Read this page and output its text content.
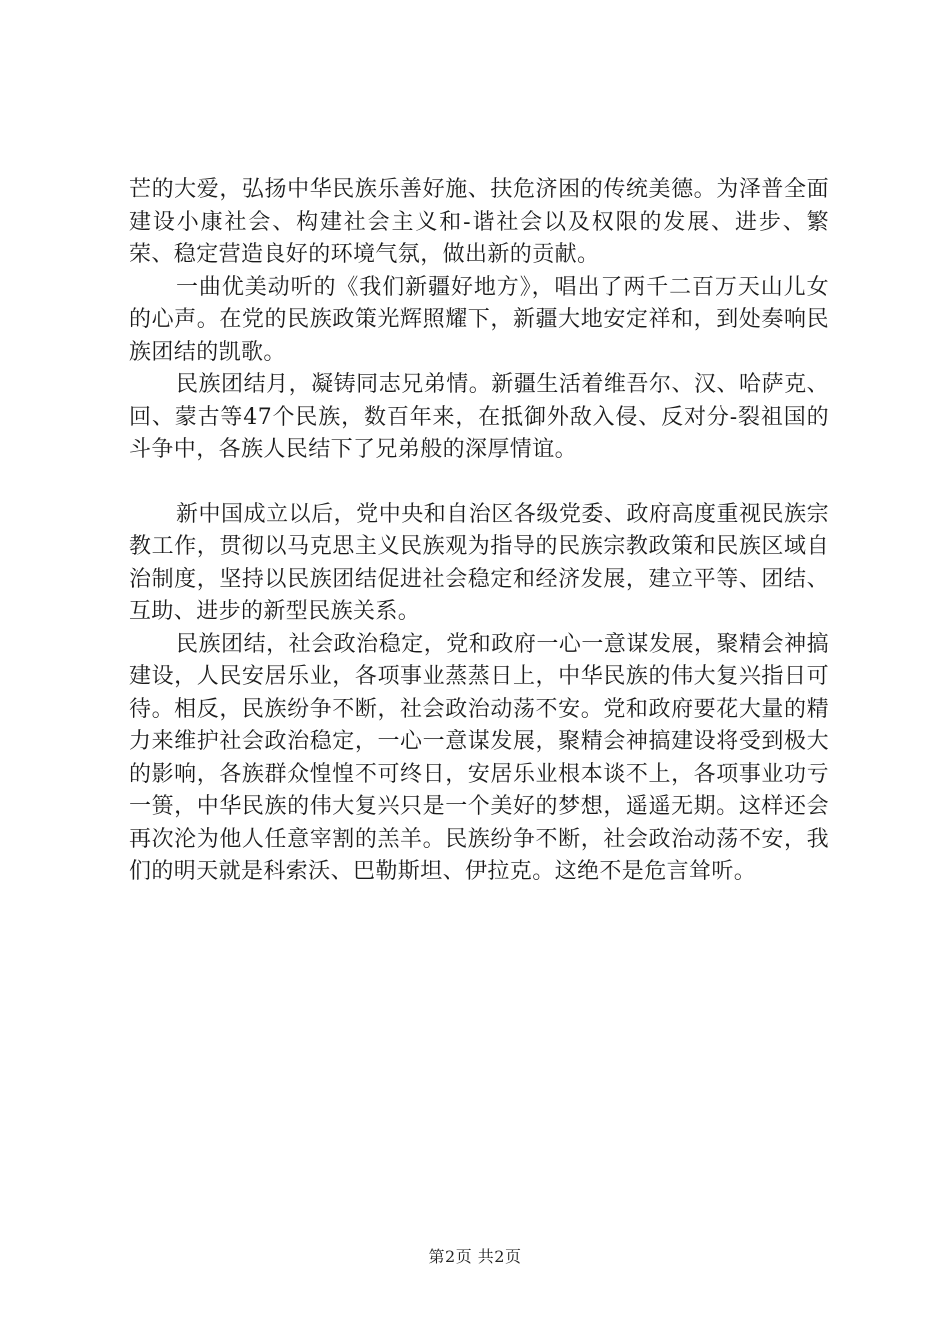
芒的大爱，弘扬中华民族乐善好施、扶危济困的传统美德。为泽普全面建设小康社会、构建社会主义和-谐社会以及权限的发展、进步、繁荣、稳定营造良好的环境气氛，做出新的贡献。

一曲优美动听的《我们新疆好地方》，唱出了两千二百万天山儿女的心声。在党的民族政策光辉照耀下，新疆大地安定祥和，到处奏响民族团结的凯歌。

民族团结月，凝铸同志兄弟情。新疆生活着维吾尔、汉、哈萨克、回、蒙古等47个民族，数百年来，在抵御外敌入侵、反对分-裂祖国的斗争中，各族人民结下了兄弟般的深厚情谊。

新中国成立以后，党中央和自治区各级党委、政府高度重视民族宗教工作，贯彻以马克思主义民族观为指导的民族宗教政策和民族区域自治制度，坚持以民族团结促进社会稳定和经济发展，建立平等、团结、互助、进步的新型民族关系。

民族团结，社会政治稳定，党和政府一心一意谋发展，聚精会神搞建设，人民安居乐业，各项事业蒸蒸日上，中华民族的伟大复兴指日可待。相反，民族纷争不断，社会政治动荡不安。党和政府要花大量的精力来维护社会政治稳定，一心一意谋发展，聚精会神搞建设将受到极大的影响，各族群众惶惶不可终日，安居乐业根本谈不上，各项事业功亏一篑，中华民族的伟大复兴只是一个美好的梦想，遥遥无期。这样还会再次沦为他人任意宰割的羔羊。民族纷争不断，社会政治动荡不安，我们的明天就是科索沃、巴勒斯坦、伊拉克。这绝不是危言耸听。

第2页 共2页
